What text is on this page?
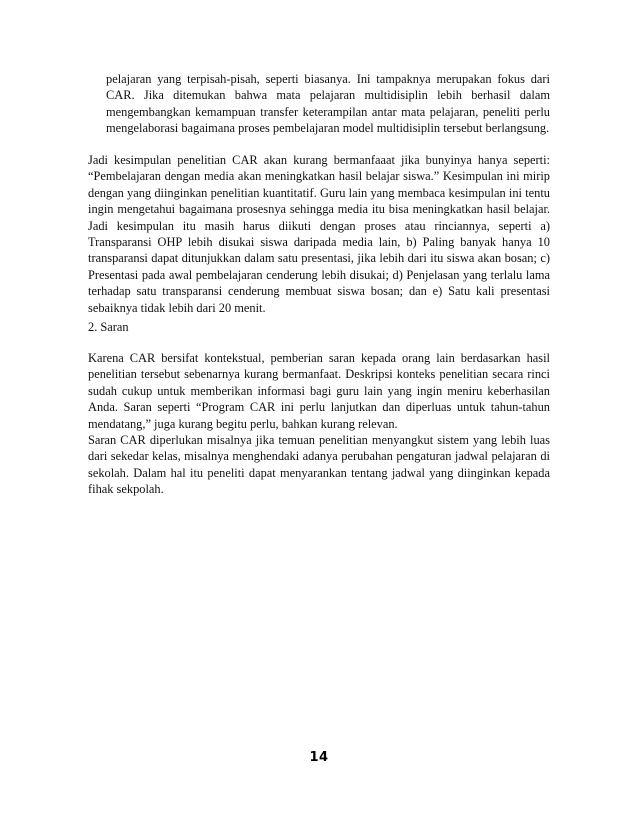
pelajaran yang terpisah-pisah, seperti biasanya. Ini tampaknya merupakan fokus dari CAR. Jika ditemukan bahwa mata pelajaran multidisiplin lebih berhasil dalam mengembangkan kemampuan transfer keterampilan antar mata pelajaran, peneliti perlu mengelaborasi bagaimana proses pembelajaran model multidisiplin tersebut berlangsung.

Jadi kesimpulan penelitian CAR akan kurang bermanfaaat jika bunyinya hanya seperti: “Pembelajaran dengan media akan meningkatkan hasil belajar siswa.” Kesimpulan ini mirip dengan yang diinginkan penelitian kuantitatif. Guru lain yang membaca kesimpulan ini tentu ingin mengetahui bagaimana prosesnya sehingga media itu bisa meningkatkan hasil belajar. Jadi kesimpulan itu masih harus diikuti dengan proses atau rinciannya, seperti a) Transparansi OHP lebih disukai siswa daripada media lain, b) Paling banyak hanya 10 transparansi dapat ditunjukkan dalam satu presentasi, jika lebih dari itu siswa akan bosan; c) Presentasi pada awal pembelajaran cenderung lebih disukai; d) Penjelasan yang terlalu lama terhadap satu transparansi cenderung membuat siswa bosan; dan e) Satu kali presentasi sebaiknya tidak lebih dari 20 menit.

2. Saran

Karena CAR bersifat kontekstual, pemberian saran kepada orang lain berdasarkan hasil penelitian tersebut sebenarnya kurang bermanfaat. Deskripsi konteks penelitian secara rinci sudah cukup untuk memberikan informasi bagi guru lain yang ingin meniru keberhasilan Anda. Saran seperti “Program CAR ini perlu lanjutkan dan diperluas untuk tahun-tahun mendatang,” juga kurang begitu perlu, bahkan kurang relevan.

Saran CAR diperlukan misalnya jika temuan penelitian menyangkut sistem yang lebih luas dari sekedar kelas, misalnya menghendaki adanya perubahan pengaturan jadwal pelajaran di sekolah. Dalam hal itu peneliti dapat menyarankan tentang jadwal yang diinginkan kepada fihak sekpolah.

14
